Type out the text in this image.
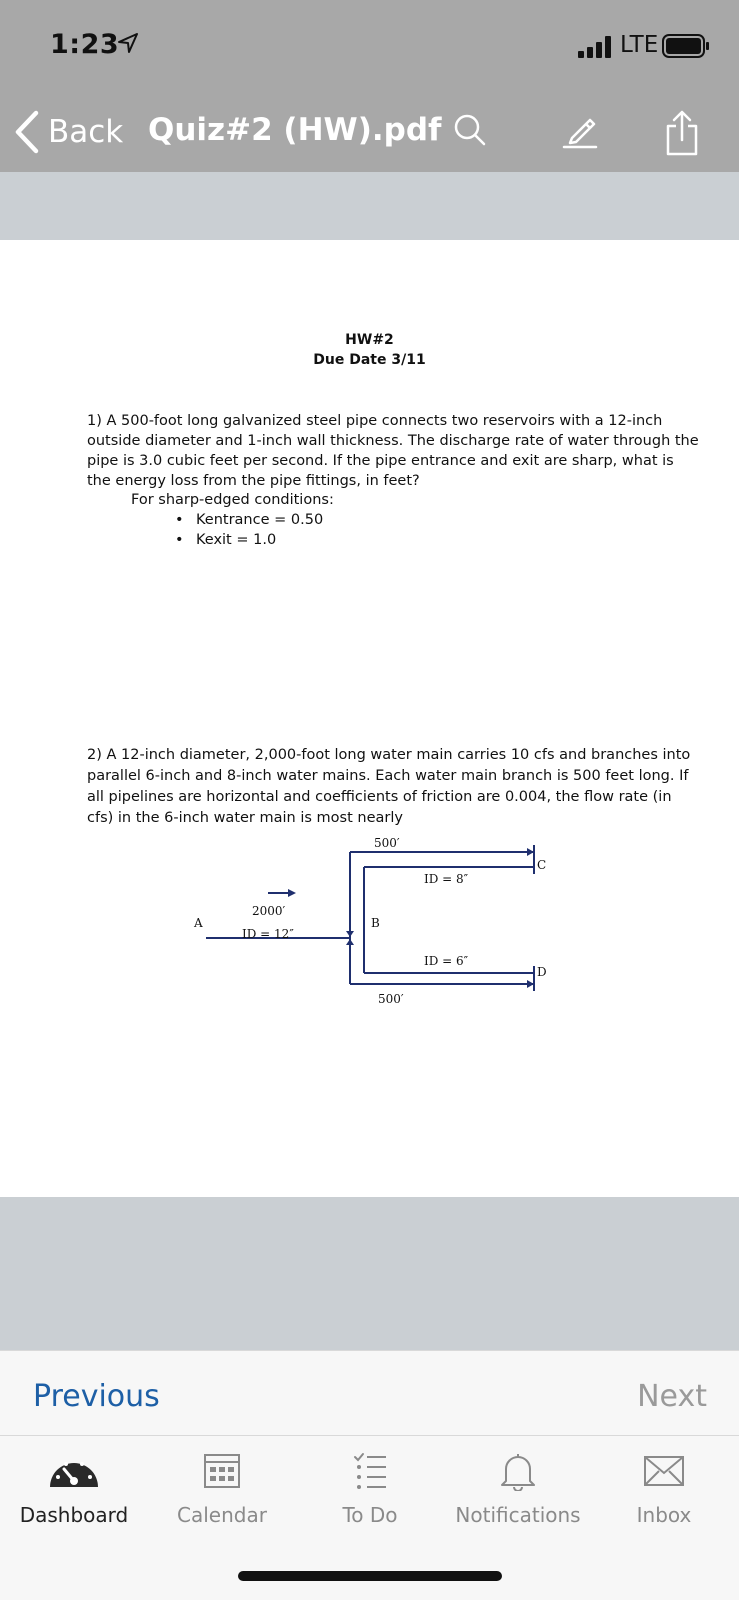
1:23	LTE
Back Quiz#2 (HW).pdf
HW#2
Due Date 3/11
1) A 500-foot long galvanized steel pipe connects two reservoirs with a 12-inch
outside diameter and 1-inch wall thickness. The discharge rate of water through the
pipe is 3.0 cubic feet per second. If the pipe entrance and exit are sharp, what is
the energy loss from the pipe fittings, in feet?
For sharp-edged conditions:
• Kentrance = 0.50
• Kexit = 1.0
2) A 12-inch diameter, 2,000-foot long water main carries 10 cfs and branches into
parallel 6-inch and 8-inch water mains. Each water main branch is 500 feet long. If
all pipelines are horizontal and coefficients of friction are 0.004, the flow rate (in
cfs) in the 6-inch water main is most nearly
500′
ID = 8″
2000′
ID = 12″
A	B
C
ID = 6″
D
500′
Previous	Next
Dashboard	Calendar	To Do	Notifications	Inbox
